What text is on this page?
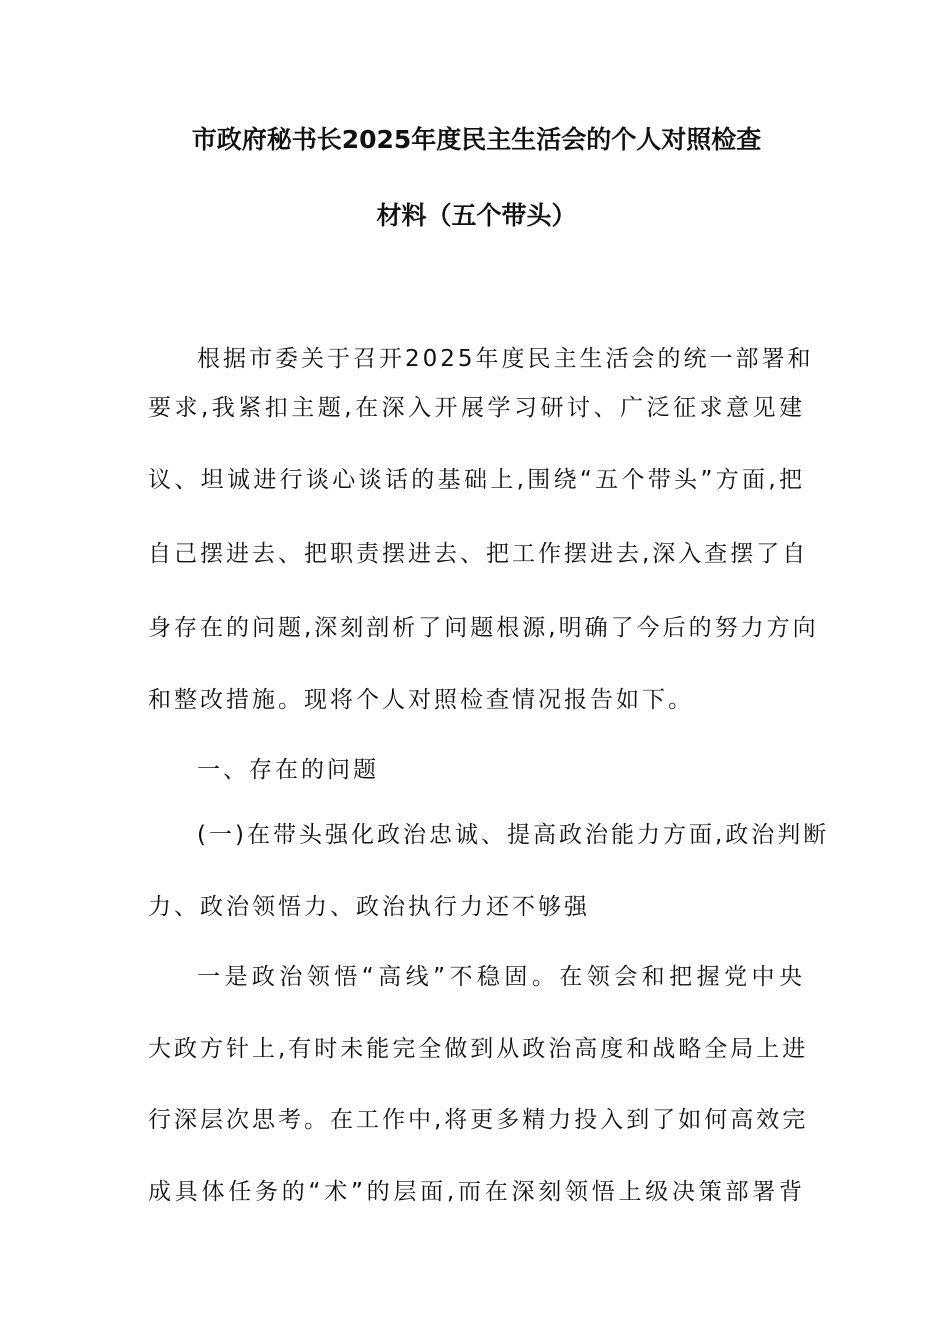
市政府秘书长2025年度民主生活会的个人对照检查
材料（五个带头）
根据市委关于召开2025年度民主生活会的统一部署和
要求,我紧扣主题,在深入开展学习研讨、广泛征求意见建
议、坦诚进行谈心谈话的基础上,围绕“五个带头”方面,把
自己摆进去、把职责摆进去、把工作摆进去,深入查摆了自
身存在的问题,深刻剖析了问题根源,明确了今后的努力方向
和整改措施。现将个人对照检查情况报告如下。
一、存在的问题
(一)在带头强化政治忠诚、提高政治能力方面,政治判断
力、政治领悟力、政治执行力还不够强
一是政治领悟“高线”不稳固。在领会和把握党中央
大政方针上,有时未能完全做到从政治高度和战略全局上进
行深层次思考。在工作中,将更多精力投入到了如何高效完
成具体任务的“术”的层面,而在深刻领悟上级决策部署背
